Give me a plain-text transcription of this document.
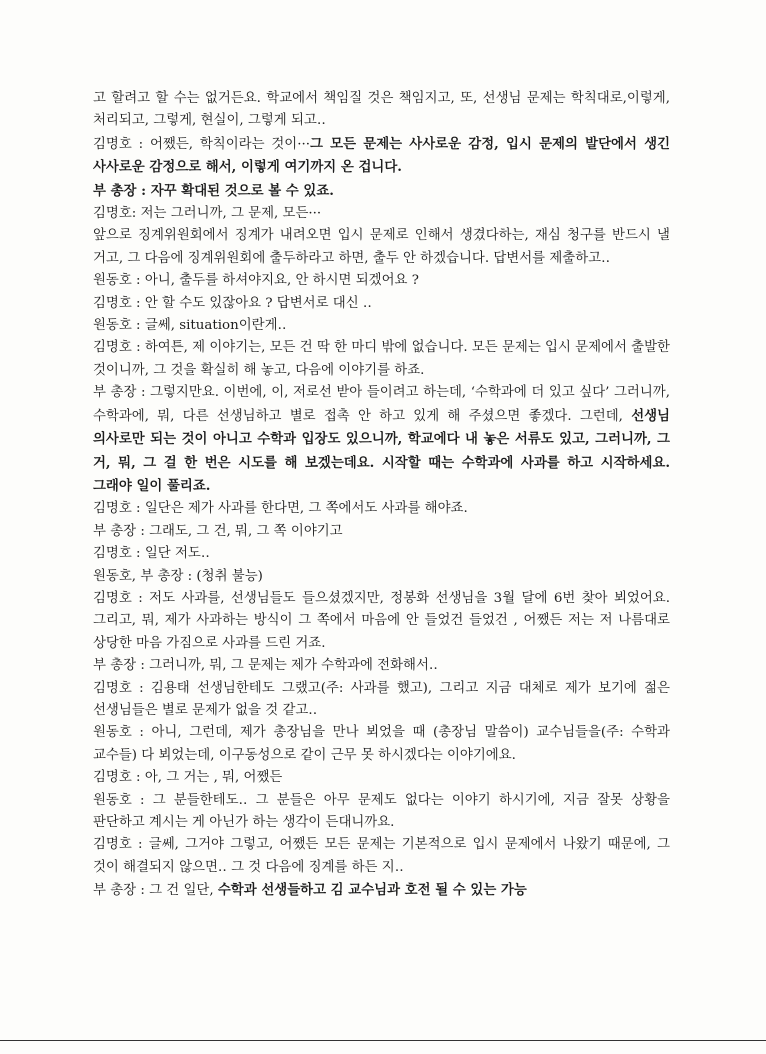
고 할려고 할 수는 없거든요. 학교에서 책임질 것은 책임지고, 또, 선생님 문제는 학칙대로,이렇게, 처리되고, 그렇게, 현실이, 그렇게 되고‥

김명호 : 어쨌든, 학칙이라는 것이···그 모든 문제는 사사로운 감정, 입시 문제의 발단에서 생긴 사사로운 감정으로 해서, 이렇게 여기까지 온 겁니다.

부 총장 : 자꾸 확대된 것으로 볼 수 있죠.

김명호: 저는 그러니까, 그 문제, 모든···

앞으로 징계위원회에서 징계가 내려오면 입시 문제로 인해서 생겼다하는, 재심 청구를 반드시 낼 거고, 그 다음에 징계위원회에 출두하라고 하면, 출두 안 하겠습니다. 답변서를 제출하고‥

원동호 : 아니, 출두를 하셔야지요, 안 하시면 되겠어요 ?

김명호 : 안 할 수도 있잖아요 ? 답변서로 대신 ‥

원동호 : 글쎄, situation이란게‥

김명호 : 하여튼, 제 이야기는, 모든 건 딱 한 마디 밖에 없습니다. 모든 문제는 입시 문제에서 출발한 것이니까, 그 것을 확실히 해 놓고, 다음에 이야기를 하죠.

부 총장 : 그렇지만요. 이번에, 이, 저로선 받아 들이려고 하는데, ‘수학과에 더 있고 싶다’ 그러니까, 수학과에, 뭐, 다른 선생님하고 별로 접촉 안 하고 있게 해 주셨으면 좋겠다. 그런데, 선생님 의사로만 되는 것이 아니고 수학과 입장도 있으니까, 학교에다 내 놓은 서류도 있고, 그러니까, 그 거, 뭐, 그 걸 한 번은 시도를 해 보겠는데요. 시작할 때는 수학과에 사과를 하고 시작하세요. 그래야 일이 풀리죠.

김명호 : 일단은 제가 사과를 한다면, 그 쪽에서도 사과를 해야죠.

부 총장 : 그래도, 그 건, 뭐, 그 쪽 이야기고

김명호 : 일단 저도‥

원동호, 부 총장 : (청취 불능)

김명호 : 저도 사과를, 선생님들도 들으셨겠지만, 정봉화 선생님을 3월 달에 6번 찾아 뵈었어요. 그리고, 뭐, 제가 사과하는 방식이 그 쪽에서 마음에 안 들었건 들었건 , 어쨌든 저는 저 나름대로 상당한 마음 가짐으로 사과를 드린 거죠.

부 총장 : 그러니까, 뭐, 그 문제는 제가 수학과에 전화해서‥

김명호 : 김용태 선생님한테도 그랬고(주: 사과를 했고), 그리고 지금 대체로 제가 보기에 젊은 선생님들은 별로 문제가 없을 것 같고‥

원동호 : 아니, 그런데, 제가 총장님을 만나 뵈었을 때 (총장님 말씀이) 교수님들을(주: 수학과 교수들) 다 뵈었는데, 이구동성으로 같이 근무 못 하시겠다는 이야기에요.

김명호 : 아, 그 거는 , 뭐, 어쨌든

원동호 : 그 분들한테도‥ 그 분들은 아무 문제도 없다는 이야기 하시기에, 지금 잘못 상황을 판단하고 계시는 게 아닌가 하는 생각이 든대니까요.

김명호 : 글쎄, 그거야 그렇고, 어쨌든 모든 문제는 기본적으로 입시 문제에서 나왔기 때문에, 그 것이 해결되지 않으면‥ 그 것 다음에 징계를 하든 지‥

부 총장 : 그 건 일단, 수학과 선생들하고 김 교수님과 호전 될 수 있는 가능
